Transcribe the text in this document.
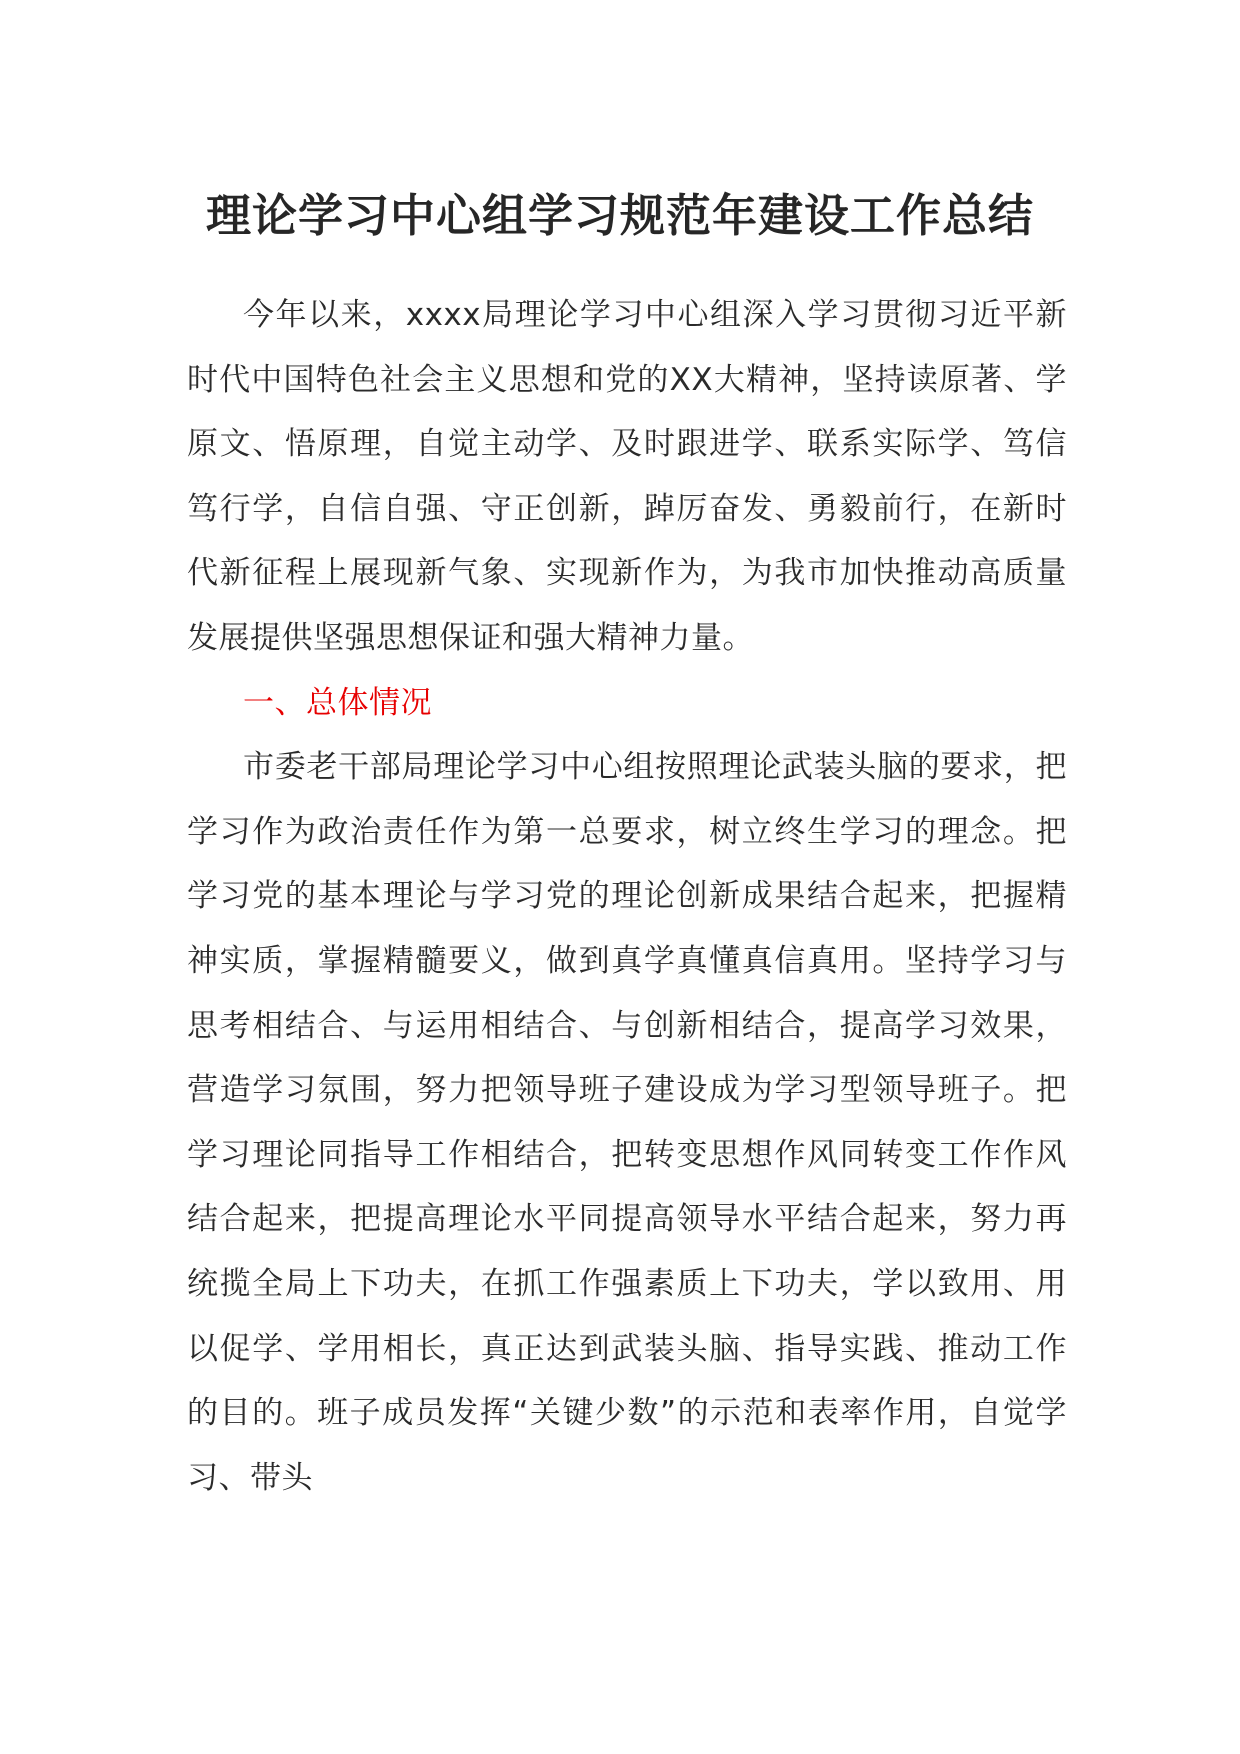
理论学习中心组学习规范年建设工作总结

今年以来，xxxx局理论学习中心组深入学习贯彻习近平新时代中国特色社会主义思想和党的XX大精神，坚持读原著、学原文、悟原理，自觉主动学、及时跟进学、联系实际学、笃信笃行学，自信自强、守正创新，踔厉奋发、勇毅前行，在新时代新征程上展现新气象、实现新作为，为我市加快推动高质量发展提供坚强思想保证和强大精神力量。

一、总体情况

市委老干部局理论学习中心组按照理论武装头脑的要求，把学习作为政治责任作为第一总要求，树立终生学习的理念。把学习党的基本理论与学习党的理论创新成果结合起来，把握精神实质，掌握精髓要义，做到真学真懂真信真用。坚持学习与思考相结合、与运用相结合、与创新相结合，提高学习效果，营造学习氛围，努力把领导班子建设成为学习型领导班子。把学习理论同指导工作相结合，把转变思想作风同转变工作作风结合起来，把提高理论水平同提高领导水平结合起来，努力再统揽全局上下功夫，在抓工作强素质上下功夫，学以致用、用以促学、学用相长，真正达到武装头脑、指导实践、推动工作的目的。班子成员发挥“关键少数”的示范和表率作用，自觉学习、带头
